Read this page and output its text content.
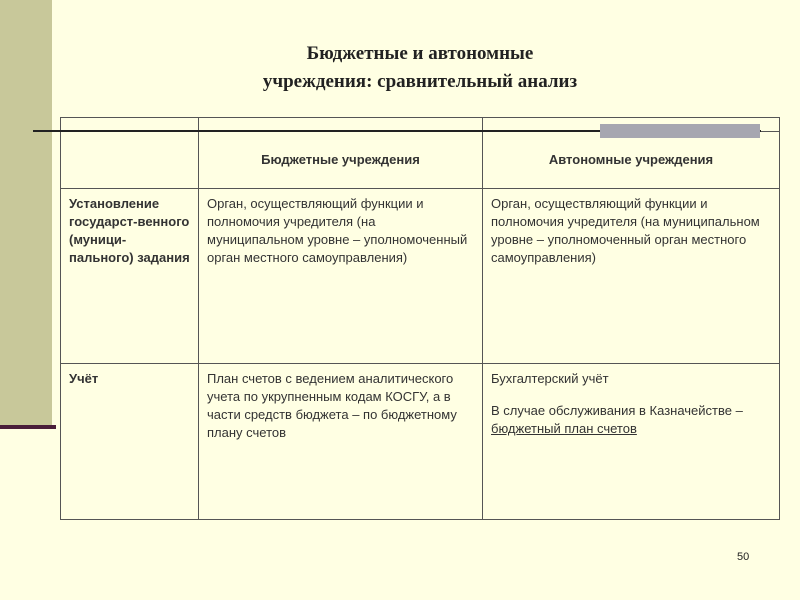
Бюджетные и автономные
учреждения: сравнительный анализ

	Бюджетные учреждения	Автономные учреждения
Установление государст-венного (муници-пального) задания	Орган, осуществляющий функции и полномочия учредителя (на муниципальном уровне – уполномоченный орган местного самоуправления)	Орган, осуществляющий функции и полномочия учредителя (на муниципальном уровне – уполномоченный орган местного самоуправления)
Учёт	План счетов с ведением аналитического учета по укрупненным кодам КОСГУ, а в части средств бюджета – по бюджетному плану счетов	Бухгалтерский учёт

В случае обслуживания в Казначействе – бюджетный план счетов

50
